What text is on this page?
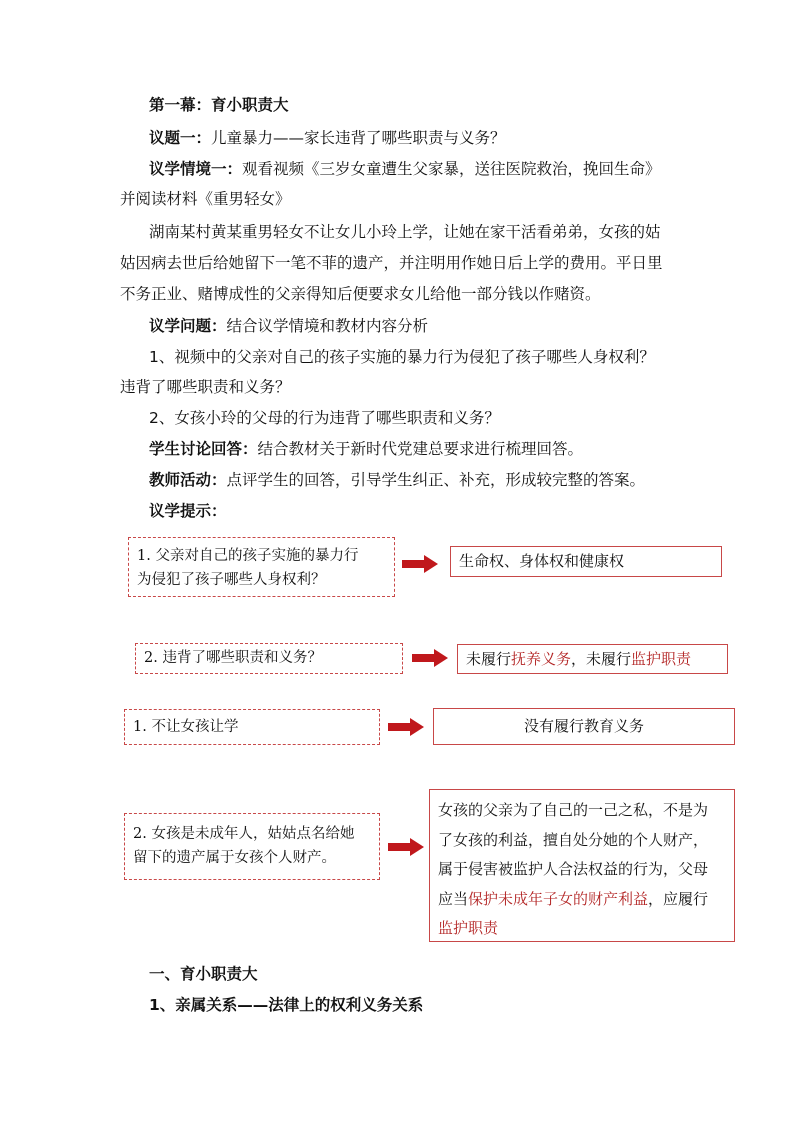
第一幕：育小职责大
议题一：儿童暴力——家长违背了哪些职责与义务？
议学情境一：观看视频《三岁女童遭生父家暴，送往医院救治，挽回生命》
并阅读材料《重男轻女》
湖南某村黄某重男轻女不让女儿小玲上学，让她在家干活看弟弟，女孩的姑
姑因病去世后给她留下一笔不菲的遗产，并注明用作她日后上学的费用。平日里
不务正业、赌博成性的父亲得知后便要求女儿给他一部分钱以作赌资。
议学问题：结合议学情境和教材内容分析
1、视频中的父亲对自己的孩子实施的暴力行为侵犯了孩子哪些人身权利？
违背了哪些职责和义务？
2、女孩小玲的父母的行为违背了哪些职责和义务？
学生讨论回答：结合教材关于新时代党建总要求进行梳理回答。
教师活动：点评学生的回答，引导学生纠正、补充，形成较完整的答案。
议学提示：
1. 父亲对自己的孩子实施的暴力行
为侵犯了孩子哪些人身权利？
生命权、身体权和健康权
2. 违背了哪些职责和义务？	未履行抚养义务，未履行监护职责
1. 不让女孩让学	没有履行教育义务
2. 女孩是未成年人，姑姑点名给她
留下的遗产属于女孩个人财产。
女孩的父亲为了自己的一己之私，不是为
了女孩的利益，擅自处分她的个人财产，
属于侵害被监护人合法权益的行为，父母
应当保护未成年子女的财产利益，应履行
监护职责
一、育小职责大
1、亲属关系——法律上的权利义务关系
